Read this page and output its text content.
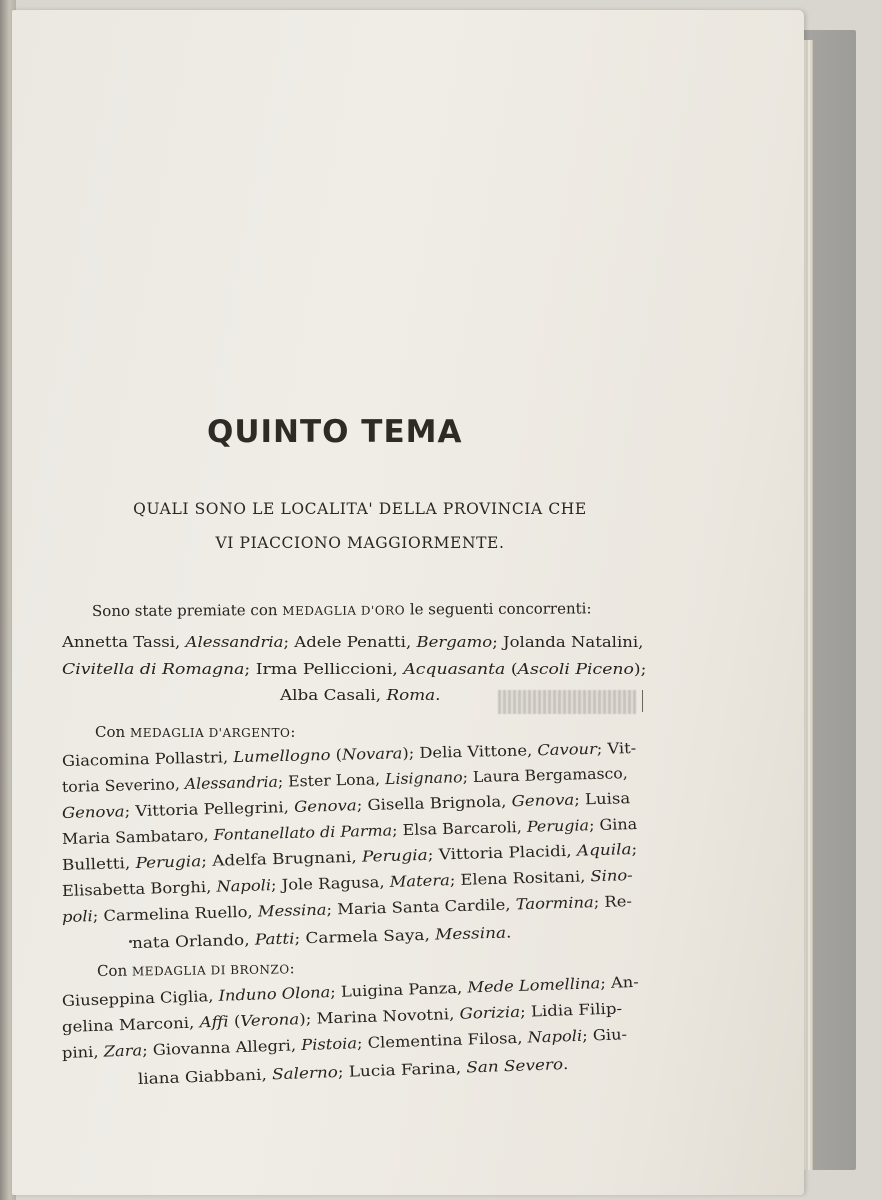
QUINTO TEMA
QUALI SONO LE LOCALITA' DELLA PROVINCIA CHE
VI PIACCIONO MAGGIORMENTE.
Sono state premiate con MEDAGLIA D'ORO le seguenti concorrenti:
Con MEDAGLIA D'ARGENTO:
Con MEDAGLIA DI BRONZO:
Annetta Tassi, Alessandria; Adele Penatti, Bergamo; Jolanda Natalini,
Civitella di Romagna; Irma Pelliccioni, Acquasanta (Ascoli Piceno);
Alba Casali, Roma.
Giacomina Pollastri, Lumellogno (Novara); Delia Vittone, Cavour; Vit-
toria Severino, Alessandria; Ester Lona, Lisignano; Laura Bergamasco,
Genova; Vittoria Pellegrini, Genova; Gisella Brignola, Genova; Luisa
Maria Sambataro, Fontanellato di Parma; Elsa Barcaroli, Perugia; Gina
Bulletti, Perugia; Adelfa Brugnani, Perugia; Vittoria Placidi, Aquila;
Elisabetta Borghi, Napoli; Jole Ragusa, Matera; Elena Rositani, Sino-
poli; Carmelina Ruello, Messina; Maria Santa Cardile, Taormina; Re-
nata Orlando, Patti; Carmela Saya, Messina.
Giuseppina Ciglia, Induno Olona; Luigina Panza, Mede Lomellina; An-
gelina Marconi, Affi (Verona); Marina Novotni, Gorizia; Lidia Filip-
pini, Zara; Giovanna Allegri, Pistoia; Clementina Filosa, Napoli; Giu-
liana Giabbani, Salerno; Lucia Farina, San Severo.
